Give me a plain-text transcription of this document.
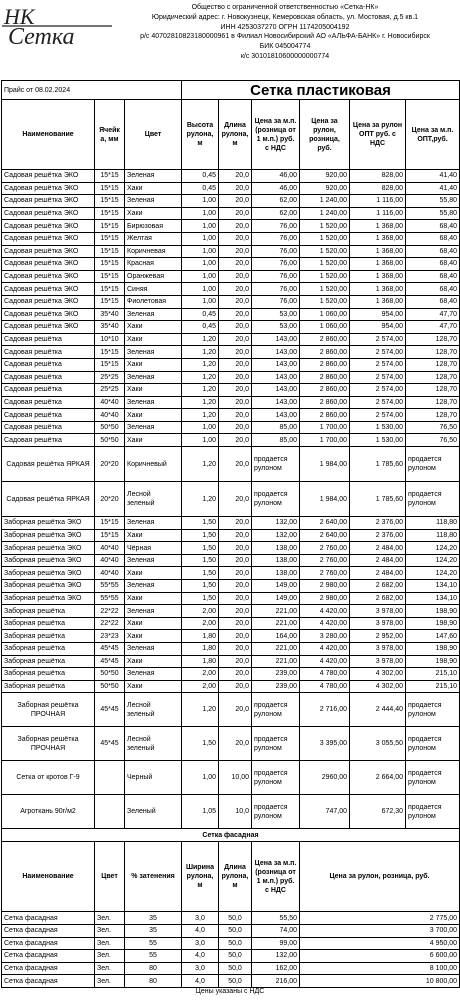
НК
Сетка
Общество с ограниченной ответственностью «Сетка-НК»
Юридический адрес: г. Новокузнецк, Кемеровская область, ул. Мостовая, д.5 кв.1
ИНН 4253037270 ОГРН 1174205004192
р/с 40702810823180000961 в Филиал Новосибирский АО «АЛЬФА-БАНК» г. Новосибирск
БИК 045004774
к/с 30101810600000000774
Прайс от 08.02.2024			Сетка пластиковая					
Наименование	Ячейк а, мм	Цвет	Высота рулона, м	Длина рулона, м	Цена за м.п. (розница от 1 м.п.) руб. с НДС	Цена за рулон, розница, руб.	Цена за рулон ОПТ руб. с НДС	Цена за м.п. ОПТ,руб.
Садовая решётка ЭКО	15*15	Зеленая	0,45	20,0	46,00	920,00	828,00	41,40
Садовая решётка ЭКО	15*15	Хаки	0,45	20,0	46,00	920,00	828,00	41,40
Садовая решётка ЭКО	15*15	Зеленая	1,00	20,0	62,00	1 240,00	1 116,00	55,80
Садовая решётка ЭКО	15*15	Хаки	1,00	20,0	62,00	1 240,00	1 116,00	55,80
Садовая решётка ЭКО	15*15	Бирюзовая	1,00	20,0	76,00	1 520,00	1 368,00	68,40
Садовая решётка ЭКО	15*15	Желтая	1,00	20,0	76,00	1 520,00	1 368,00	68,40
Садовая решётка ЭКО	15*15	Коричневая	1,00	20,0	76,00	1 520,00	1 368,00	68,40
Садовая решётка ЭКО	15*15	Красная	1,00	20,0	76,00	1 520,00	1 368,00	68,40
Садовая решётка ЭКО	15*15	Оранжевая	1,00	20,0	76,00	1 520,00	1 368,00	68,40
Садовая решётка ЭКО	15*15	Синяя	1,00	20,0	76,00	1 520,00	1 368,00	68,40
Садовая решётка ЭКО	15*15	Фиолетовая	1,00	20,0	76,00	1 520,00	1 368,00	68,40
Садовая решётка ЭКО	35*40	Зеленая	0,45	20,0	53,00	1 060,00	954,00	47,70
Садовая решётка ЭКО	35*40	Хаки	0,45	20,0	53,00	1 060,00	954,00	47,70
Садовая решётка	10*10	Хаки	1,20	20,0	143,00	2 860,00	2 574,00	128,70
Садовая решётка	15*15	Зеленая	1,20	20,0	143,00	2 860,00	2 574,00	128,70
Садовая решётка	15*15	Хаки	1,20	20,0	143,00	2 860,00	2 574,00	128,70
Садовая решётка	25*25	Зеленая	1,20	20,0	143,00	2 860,00	2 574,00	128,70
Садовая решётка	25*25	Хаки	1,20	20,0	143,00	2 860,00	2 574,00	128,70
Садовая решётка	40*40	Зеленая	1,20	20,0	143,00	2 860,00	2 574,00	128,70
Садовая решётка	40*40	Хаки	1,20	20,0	143,00	2 860,00	2 574,00	128,70
Садовая решётка	50*50	Зеленая	1,00	20,0	85,00	1 700,00	1 530,00	76,50
Садовая решётка	50*50	Хаки	1,00	20,0	85,00	1 700,00	1 530,00	76,50
Садовая решётка ЯРКАЯ	20*20	Коричневый	1,20	20,0	продается рулоном	1 984,00	1 785,60	продается рулоном
Садовая решётка ЯРКАЯ	20*20	Лесной зеленый	1,20	20,0	продается рулоном	1 984,00	1 785,60	продается рулоном
Заборная решётка ЭКО	15*15	Зеленая	1,50	20,0	132,00	2 640,00	2 376,00	118,80
Заборная решётка ЭКО	15*15	Хаки	1,50	20,0	132,00	2 640,00	2 376,00	118,80
Заборная решётка ЭКО	40*40	Чёрная	1,50	20,0	138,00	2 760,00	2 484,00	124,20
Заборная решётка ЭКО	40*40	Зеленая	1,50	20,0	138,00	2 760,00	2 484,00	124,20
Заборная решётка ЭКО	40*40	Хаки	1,50	20,0	138,00	2 760,00	2 484,00	124,20
Заборная решётка ЭКО	55*55	Зеленая	1,50	20,0	149,00	2 980,00	2 682,00	134,10
Заборная решётка ЭКО	55*55	Хаки	1,50	20,0	149,00	2 980,00	2 682,00	134,10
Заборная решётка	22*22	Зеленая	2,00	20,0	221,00	4 420,00	3 978,00	198,90
Заборная решётка	22*22	Хаки	2,00	20,0	221,00	4 420,00	3 978,00	198,90
Заборная решётка	23*23	Хаки	1,80	20,0	164,00	3 280,00	2 952,00	147,60
Заборная решётка	45*45	Зеленая	1,80	20,0	221,00	4 420,00	3 978,00	198,90
Заборная решётка	45*45	Хаки	1,80	20,0	221,00	4 420,00	3 978,00	198,90
Заборная решётка	50*50	Зеленая	2,00	20,0	239,00	4 780,00	4 302,00	215,10
Заборная решётка	50*50	Хаки	2,00	20,0	239,00	4 780,00	4 302,00	215,10
Заборная решётка ПРОЧНАЯ	45*45	Лесной зеленый	1,20	20,0	продается рулоном	2 716,00	2 444,40	продается рулоном
Заборная решётка ПРОЧНАЯ	45*45	Лесной зеленый	1,50	20,0	продается рулоном	3 395,00	3 055,50	продается рулоном
Сетка от кротов Г-9		Черный	1,00	10,00	продается рулоном	2960,00	2 664,00	продается рулоном
Агроткань 90г/м2		Зеленый	1,05	10,0	продается рулоном	747,00	672,30	продается рулоном
Сетка фасадная								
Наименование	Цвет	% затенения	Ширина рулона, м	Длина рулона, м	Цена за м.п. (розница от 1 м.п.) руб. с НДС	Цена за рулон, розница, руб.		
Сетка фасадная	Зел.	35	3,0	50,0	55,50	2 775,00		
Сетка фасадная	Зел.	35	4,0	50,0	74,00	3 700,00		
Сетка фасадная	Зел.	55	3,0	50,0	99,00	4 950,00		
Сетка фасадная	Зел.	55	4,0	50,0	132,00	6 600,00		
Сетка фасадная	Зел.	80	3,0	50,0	162,00	8 100,00		
Сетка фасадная	Зел.	80	4,0	50,0	216,00	10 800,00		
Цены указаны с НДС
